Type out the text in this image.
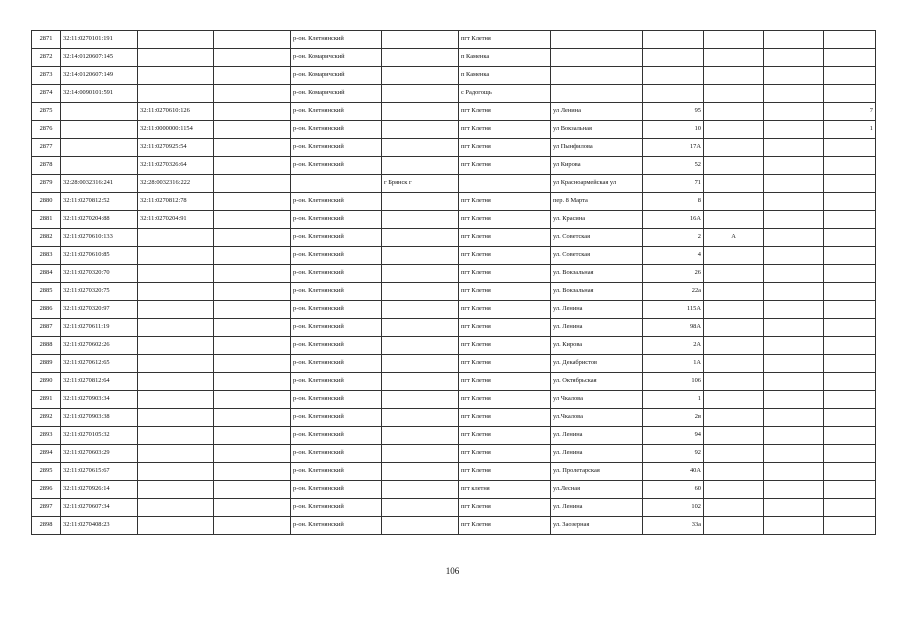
2871	32:11:0270101:191			р-он. Клетнянский		пгт Клетня					
2872	32:14:0120607:145			р-он. Комаричский		п Каменка					
2873	32:14:0120607:149			р-он. Комаричский		п Каменка					
2874	32:14:0090101:591			р-он. Комаричский		с Радогощь					
2875		32:11:0270610:126		р-он. Клетнянский		пгт Клетня	ул Ленина	95			7
2876		32:11:0000000:1154		р-он. Клетнянский		пгт Клетня	ул Вокзальная	10			1
2877		32:11:0270925:54		р-он. Клетнянский		пгт Клетня	ул Пынфилова	17А			
2878		32:11:0270326:64		р-он. Клетнянский		пгт Клетня	ул Кирова	52			
2879	32:28:0032316:241	32:28:0032316:222			г Брянск г		ул Красноармейская ул	71			
2880	32:11:0270812:52	32:11:0270812:78		р-он. Клетнянский		пгт Клетня	пер. 8 Марта	8			
2881	32:11:0270204:88	32:11:0270204:91		р-он. Клетнянский		пгт Клетня	ул. Красина	16А			
2882	32:11:0270610:133			р-он. Клетнянский		пгт Клетня	ул. Советская	2	А		
2883	32:11:0270610:85			р-он. Клетнянский		пгт Клетня	ул. Советская	4			
2884	32:11:0270320:70			р-он. Клетнянский		пгт Клетня	ул. Вокзальная	26			
2885	32:11:0270320:75			р-он. Клетнянский		пгт Клетня	ул. Вокзальная	22а			
2886	32:11:0270320:97			р-он. Клетнянский		пгт Клетня	ул. Ленина	115А			
2887	32:11:0270611:19			р-он. Клетнянский		пгт Клетня	ул. Ленина	98А			
2888	32:11:0270602:26			р-он. Клетнянский		пгт Клетня	ул. Кирова	2А			
2889	32:11:0270612:65			р-он. Клетнянский		пгт Клетня	ул. Декабристов	1А			
2890	32:11:0270812:64			р-он. Клетнянский		пгт Клетня	ул. Октябрьская	106			
2891	32:11:0270903:34			р-он. Клетнянский		пгт Клетня	ул Чкалова	1			
2892	32:11:0270903:38			р-он. Клетнянский		пгт Клетня	ул.Чкалова	2в			
2893	32:11:0270105:32			р-он. Клетнянский		пгт Клетня	ул. Ленина	94			
2894	32:11:0270603:29			р-он. Клетнянский		пгт Клетня	ул. Ленина	92			
2895	32:11:0270615:67			р-он. Клетнянский		пгт Клетня	ул. Пролетарская	40А			
2896	32:11:0270926:14			р-он. Клетнянский		пгт клетня	ул.Лесная	60			
2897	32:11:0270607:34			р-он. Клетнянский		пгт Клетня	ул. Ленина	102			
2898	32:11:0270408:23			р-он. Клетнянский		пгт Клетня	ул. Заозерная	33а			
106
